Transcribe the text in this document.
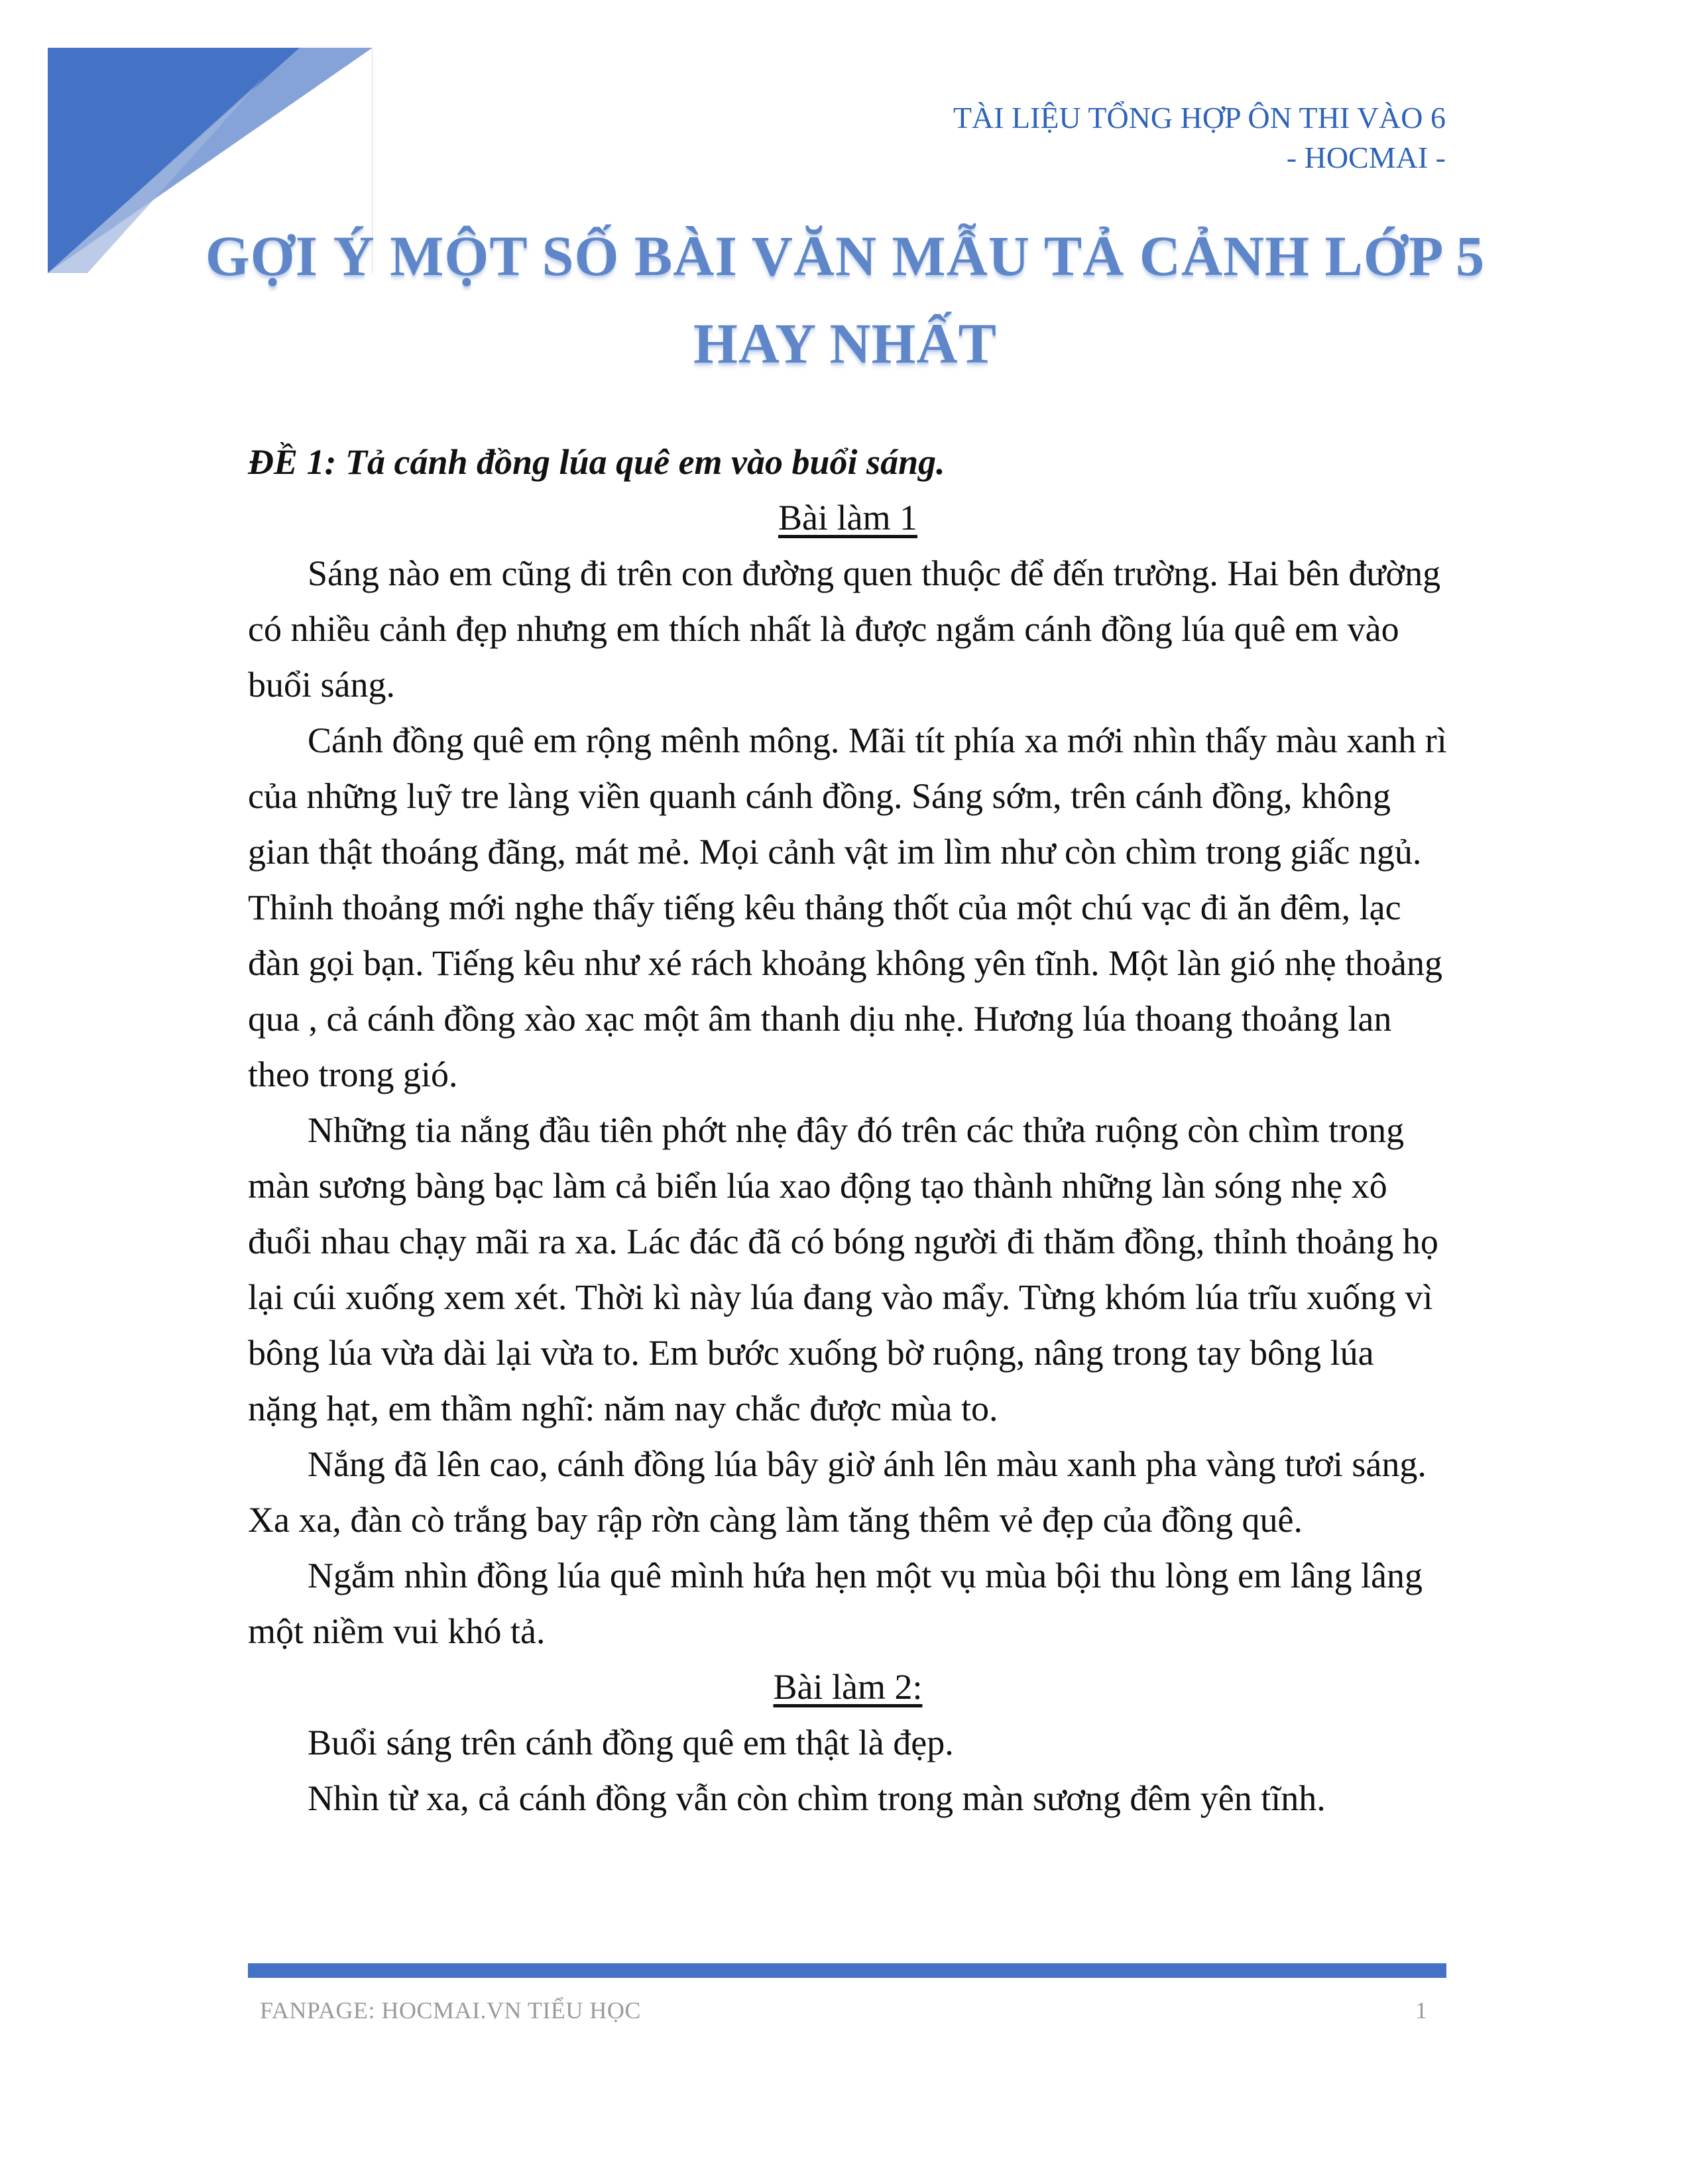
TÀI LIỆU TỔNG HỢP ÔN THI VÀO 6
- HOCMAI -
GỢI Ý MỘT SỐ BÀI VĂN MẪU TẢ CẢNH LỚP 5
HAY NHẤT

ĐỀ 1: Tả cánh đồng lúa quê em vào buổi sáng.

Bài làm 1

Sáng nào em cũng đi trên con đường quen thuộc để đến trường. Hai bên đường có nhiều cảnh đẹp nhưng em thích nhất là được ngắm cánh đồng lúa quê em vào buổi sáng.

Cánh đồng quê em rộng mênh mông. Mãi tít phía xa mới nhìn thấy màu xanh rì của những luỹ tre làng viền quanh cánh đồng. Sáng sớm, trên cánh đồng, không gian thật thoáng đãng, mát mẻ. Mọi cảnh vật im lìm như còn chìm trong giấc ngủ. Thỉnh thoảng mới nghe thấy tiếng kêu thảng thốt của một chú vạc đi ăn đêm, lạc đàn gọi bạn. Tiếng kêu như xé rách khoảng không yên tĩnh. Một làn gió nhẹ thoảng qua , cả cánh đồng xào xạc một âm thanh dịu nhẹ. Hương lúa thoang thoảng lan theo trong gió.

Những tia nắng đầu tiên phớt nhẹ đây đó trên các thửa ruộng còn chìm trong màn sương bàng bạc làm cả biển lúa xao động tạo thành những làn sóng nhẹ xô đuổi nhau chạy mãi ra xa. Lác đác đã có bóng người đi thăm đồng, thỉnh thoảng họ lại cúi xuống xem xét. Thời kì này lúa đang vào mẩy. Từng khóm lúa trĩu xuống vì bông lúa vừa dài lại vừa to. Em bước xuống bờ ruộng, nâng trong tay bông lúa nặng hạt, em thầm nghĩ: năm nay chắc được mùa to.

Nắng đã lên cao, cánh đồng lúa bây giờ ánh lên màu xanh pha vàng tươi sáng. Xa xa, đàn cò trắng bay rập rờn càng làm tăng thêm vẻ đẹp của đồng quê.

Ngắm nhìn đồng lúa quê mình hứa hẹn một vụ mùa bội thu lòng em lâng lâng một niềm vui khó tả.

Bài làm 2:

Buổi sáng trên cánh đồng quê em thật là đẹp.

Nhìn từ xa, cả cánh đồng vẫn còn chìm trong màn sương đêm yên tĩnh.

FANPAGE: HOCMAI.VN TIỂU HỌC	1
